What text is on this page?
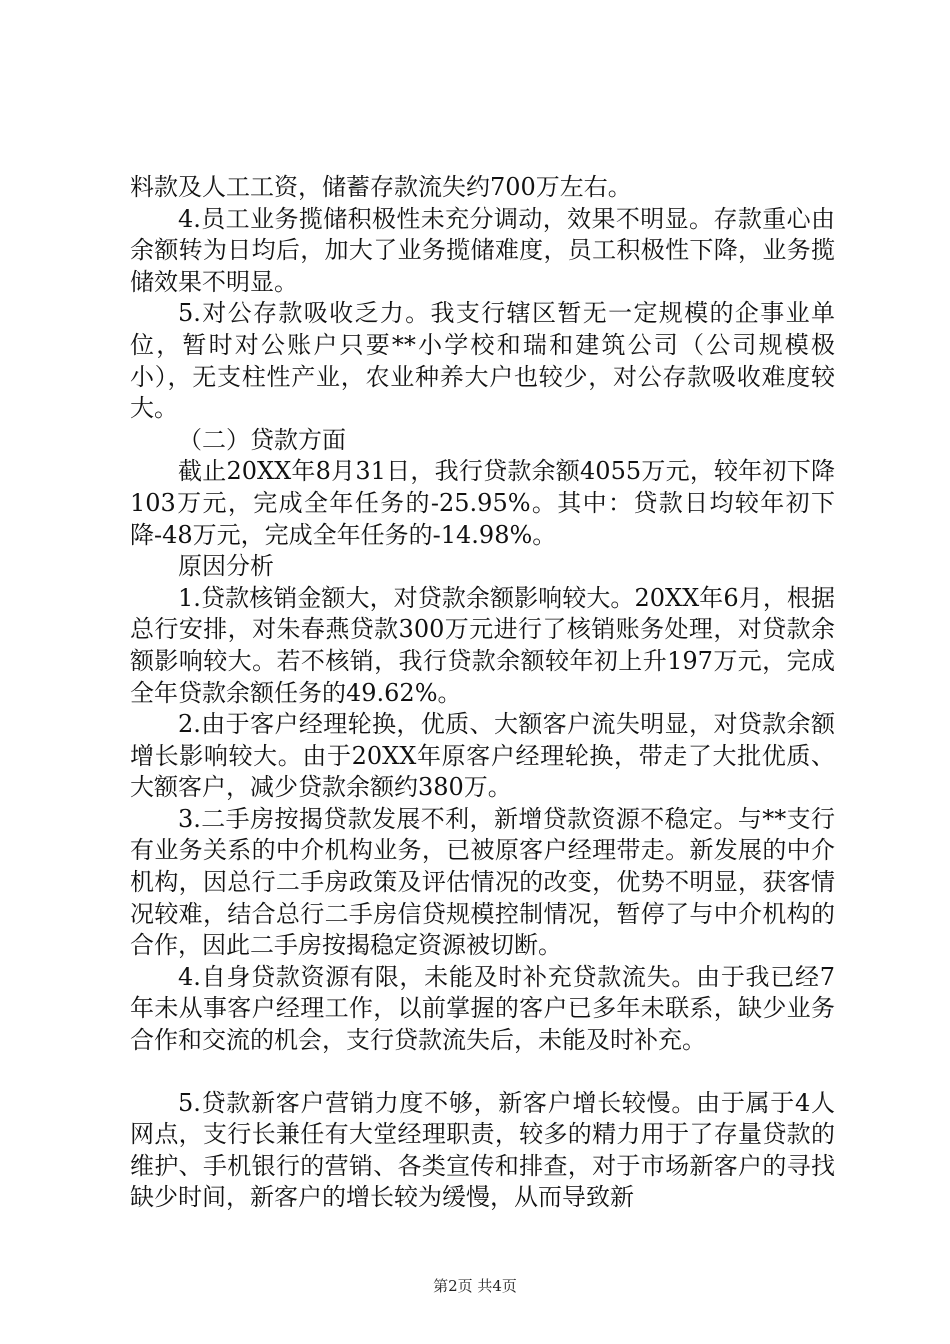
料款及人工工资，储蓄存款流失约700万左右。

4.员工业务揽储积极性未充分调动，效果不明显。存款重心由余额转为日均后，加大了业务揽储难度，员工积极性下降，业务揽储效果不明显。

5.对公存款吸收乏力。我支行辖区暂无一定规模的企事业单位，暂时对公账户只要**小学校和瑞和建筑公司（公司规模极小），无支柱性产业，农业种养大户也较少，对公存款吸收难度较大。

（二）贷款方面

截止20XX年8月31日，我行贷款余额4055万元，较年初下降103万元，完成全年任务的-25.95%。其中：贷款日均较年初下降-48万元，完成全年任务的-14.98%。

原因分析

1.贷款核销金额大，对贷款余额影响较大。20XX年6月，根据总行安排，对朱春燕贷款300万元进行了核销账务处理，对贷款余额影响较大。若不核销，我行贷款余额较年初上升197万元，完成全年贷款余额任务的49.62%。

2.由于客户经理轮换，优质、大额客户流失明显，对贷款余额增长影响较大。由于20XX年原客户经理轮换，带走了大批优质、大额客户，减少贷款余额约380万。

3.二手房按揭贷款发展不利，新增贷款资源不稳定。与**支行有业务关系的中介机构业务，已被原客户经理带走。新发展的中介机构，因总行二手房政策及评估情况的改变，优势不明显，获客情况较难，结合总行二手房信贷规模控制情况，暂停了与中介机构的合作，因此二手房按揭稳定资源被切断。

4.自身贷款资源有限，未能及时补充贷款流失。由于我已经7年未从事客户经理工作，以前掌握的客户已多年未联系，缺少业务合作和交流的机会，支行贷款流失后，未能及时补充。

5.贷款新客户营销力度不够，新客户增长较慢。由于属于4人网点，支行长兼任有大堂经理职责，较多的精力用于了存量贷款的维护、手机银行的营销、各类宣传和排查，对于市场新客户的寻找缺少时间，新客户的增长较为缓慢，从而导致新

第2页 共4页
